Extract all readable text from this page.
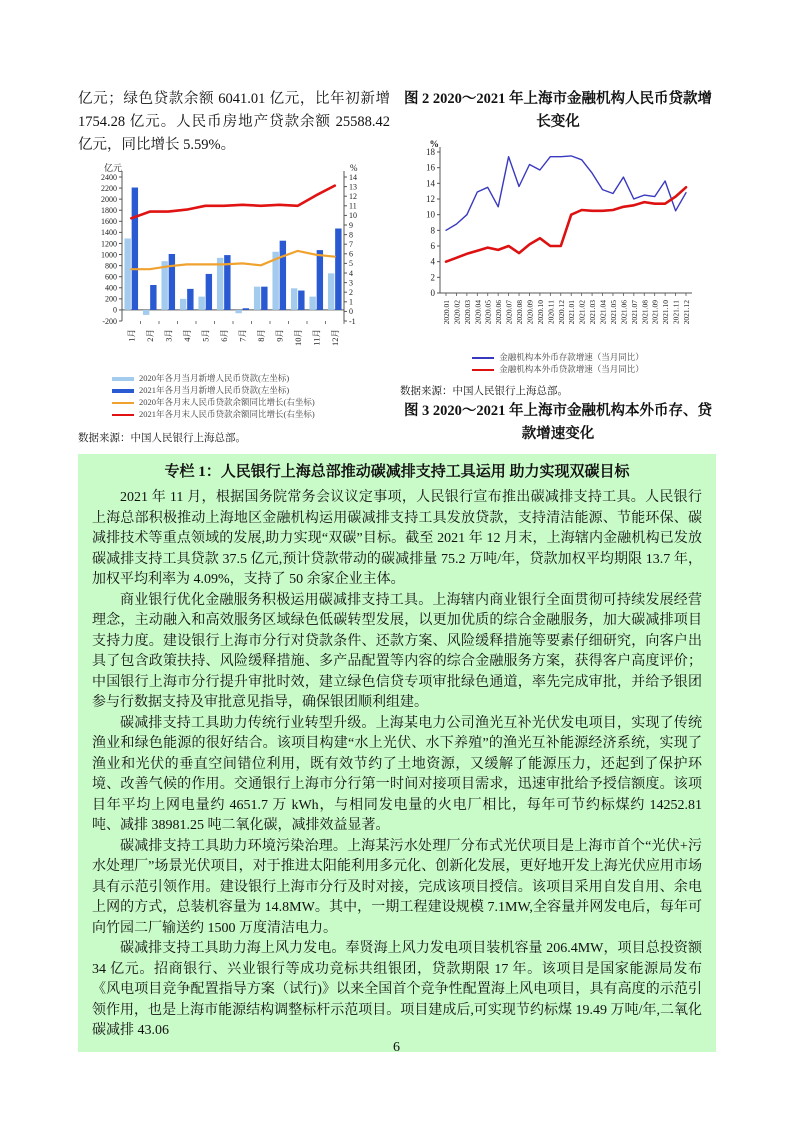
亿元；绿色贷款余额 6041.01 亿元，比年初新增 1754.28 亿元。人民币房地产贷款余额 25588.42 亿元，同比增长 5.59%。

亿元	%
-200
0
200
400
600
800
1000
1200
1400
1600
1800
2000
2200
2400
-1
0
1
2
3
4
5
6
7
8
9
10
11
12
13
14
1月 2月 3月 4月 5月 6月 7月 8月 9月 10月 11月 12月
2020年各月当月新增人民币贷款(左坐标)
2021年各月当月新增人民币贷款(左坐标)
2020年各月末人民币贷款余额同比增长(右坐标)
2021年各月末人民币贷款余额同比增长(右坐标)

数据来源：中国人民银行上海总部。

图 2 2020～2021 年上海市金融机构人民币贷款增长变化

%
0
2
4
6
8
10
12
14
16
18
2020.01 2020.02 2020.03 2020.04 2020.05 2020.06 2020.07 2020.08 2020.09 2020.10 2020.11 2020.12 2021.01 2021.02 2021.03 2021.04 2021.05 2021.06 2021.07 2021.08 2021.09 2021.10 2021.11 2021.12
金融机构本外币存款增速（当月同比）
金融机构本外币贷款增速（当月同比）

数据来源：中国人民银行上海总部。

图 3 2020～2021 年上海市金融机构本外币存、贷款增速变化

专栏 1：人民银行上海总部推动碳减排支持工具运用 助力实现双碳目标

2021 年 11 月，根据国务院常务会议议定事项，人民银行宣布推出碳减排支持工具。人民银行上海总部积极推动上海地区金融机构运用碳减排支持工具发放贷款，支持清洁能源、节能环保、碳减排技术等重点领域的发展,助力实现“双碳”目标。截至 2021 年 12 月末，上海辖内金融机构已发放碳减排支持工具贷款 37.5 亿元,预计贷款带动的碳减排量 75.2 万吨/年，贷款加权平均期限 13.7 年，加权平均利率为 4.09%，支持了 50 余家企业主体。

商业银行优化金融服务积极运用碳减排支持工具。上海辖内商业银行全面贯彻可持续发展经营理念，主动融入和高效服务区域绿色低碳转型发展，以更加优质的综合金融服务，加大碳减排项目支持力度。建设银行上海市分行对贷款条件、还款方案、风险缓释措施等要素仔细研究，向客户出具了包含政策扶持、风险缓释措施、多产品配置等内容的综合金融服务方案，获得客户高度评价；中国银行上海市分行提升审批时效，建立绿色信贷专项审批绿色通道，率先完成审批，并给予银团参与行数据支持及审批意见指导，确保银团顺利组建。

碳减排支持工具助力传统行业转型升级。上海某电力公司渔光互补光伏发电项目，实现了传统渔业和绿色能源的很好结合。该项目构建“水上光伏、水下养殖”的渔光互补能源经济系统，实现了渔业和光伏的垂直空间错位利用，既有效节约了土地资源，又缓解了能源压力，还起到了保护环境、改善气候的作用。交通银行上海市分行第一时间对接项目需求，迅速审批给予授信额度。该项目年平均上网电量约 4651.7 万 kWh，与相同发电量的火电厂相比，每年可节约标煤约 14252.81 吨、减排 38981.25 吨二氧化碳，减排效益显著。

碳减排支持工具助力环境污染治理。上海某污水处理厂分布式光伏项目是上海市首个“光伏+污水处理厂”场景光伏项目，对于推进太阳能利用多元化、创新化发展，更好地开发上海光伏应用市场具有示范引领作用。建设银行上海市分行及时对接，完成该项目授信。该项目采用自发自用、余电上网的方式，总装机容量为 14.8MW。其中，一期工程建设规模 7.1MW,全容量并网发电后，每年可向竹园二厂输送约 1500 万度清洁电力。

碳减排支持工具助力海上风力发电。奉贤海上风力发电项目装机容量 206.4MW，项目总投资额 34 亿元。招商银行、兴业银行等成功竞标共组银团，贷款期限 17 年。该项目是国家能源局发布《风电项目竞争配置指导方案（试行)》以来全国首个竞争性配置海上风电项目，具有高度的示范引领作用，也是上海市能源结构调整标杆示范项目。项目建成后,可实现节约标煤 19.49 万吨/年,二氧化碳减排 43.06

6
